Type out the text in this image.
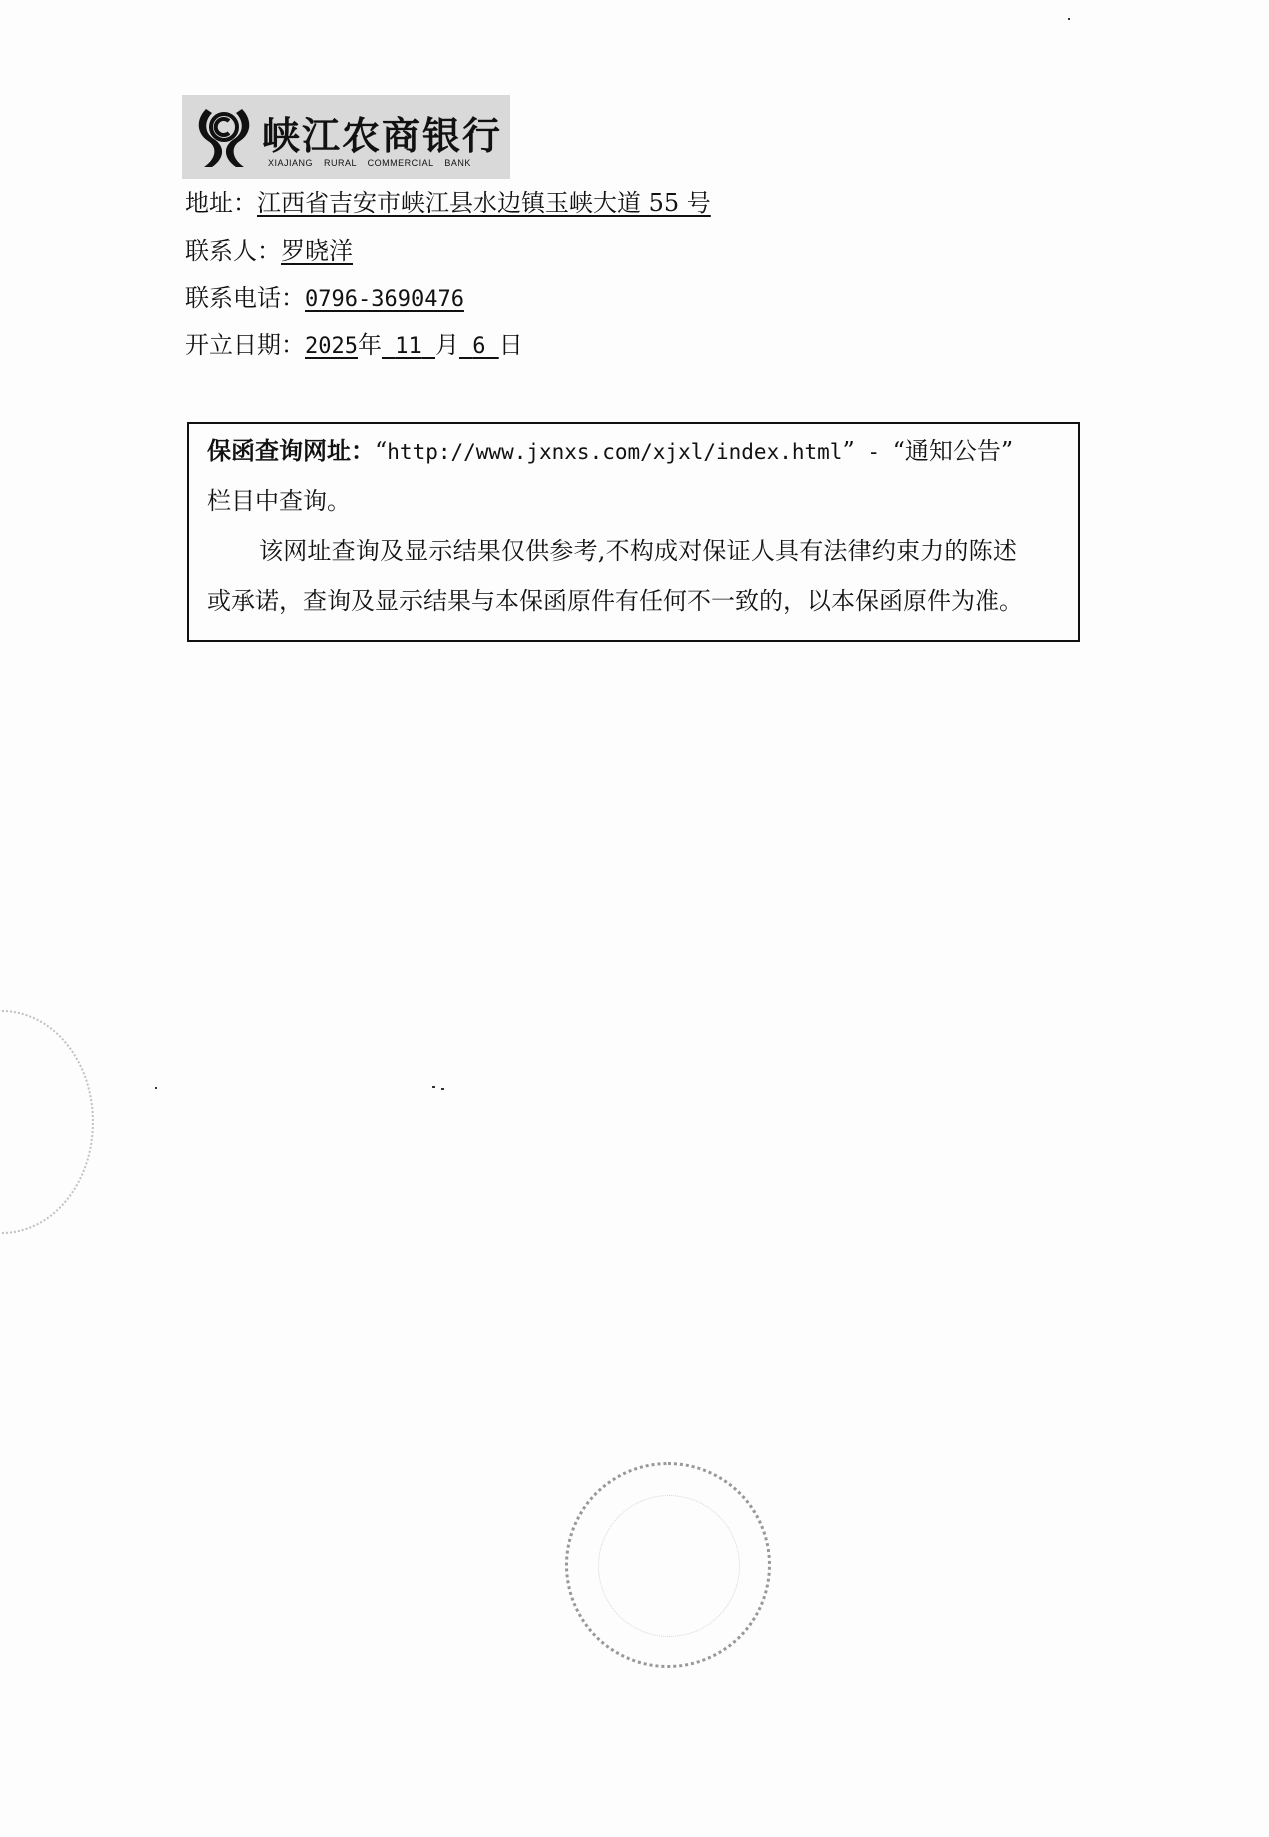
峡江农商银行
XIAJIANG RURAL COMMERCIAL BANK
地址：江西省吉安市峡江县水边镇玉峡大道 55 号
联系人：罗晓洋
联系电话：0796-3690476
开立日期：2025年 11 月 6 日
保函查询网址：“http://www.jxnxs.com/xjxl/index.html” - “通知公告”
栏目中查询。
该网址查询及显示结果仅供参考,不构成对保证人具有法律约束力的陈述
或承诺，查询及显示结果与本保函原件有任何不一致的，以本保函原件为准。
